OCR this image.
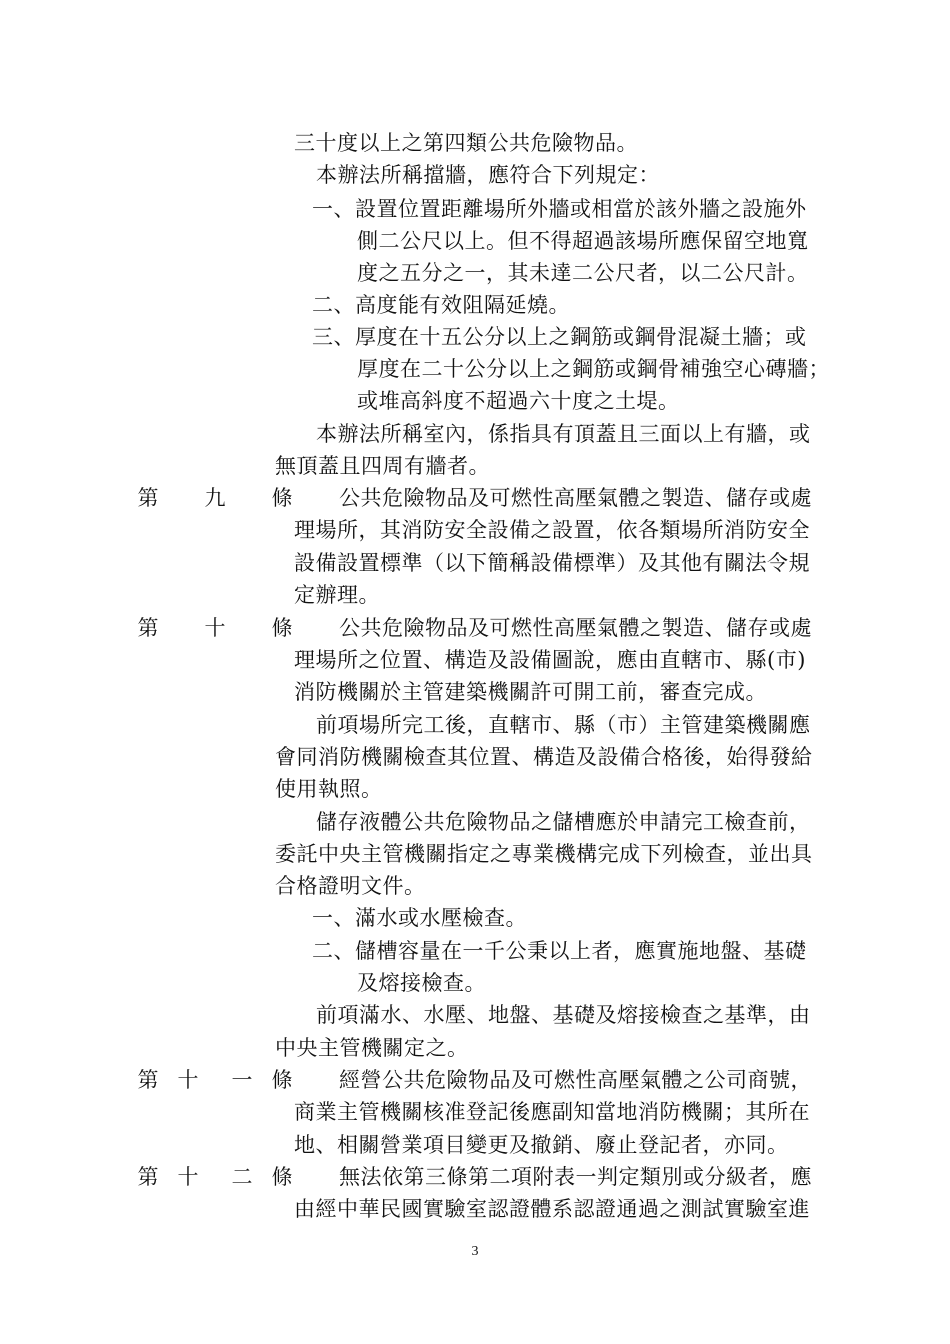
三十度以上之第四類公共危險物品。
本辦法所稱擋牆，應符合下列規定：
一、設置位置距離場所外牆或相當於該外牆之設施外
側二公尺以上。但不得超過該場所應保留空地寬
度之五分之一，其未達二公尺者，以二公尺計。
二、高度能有效阻隔延燒。
三、厚度在十五公分以上之鋼筋或鋼骨混凝土牆；或
厚度在二十公分以上之鋼筋或鋼骨補強空心磚牆；
或堆高斜度不超過六十度之土堤。
本辦法所稱室內，係指具有頂蓋且三面以上有牆，或
無頂蓋且四周有牆者。
第 九 條 公共危險物品及可燃性高壓氣體之製造、儲存或處
理場所，其消防安全設備之設置，依各類場所消防安全
設備設置標準（以下簡稱設備標準）及其他有關法令規
定辦理。
第 十 條 公共危險物品及可燃性高壓氣體之製造、儲存或處
理場所之位置、構造及設備圖說，應由直轄市、縣(市)
消防機關於主管建築機關許可開工前，審查完成。
前項場所完工後，直轄市、縣（市）主管建築機關應
會同消防機關檢查其位置、構造及設備合格後，始得發給
使用執照。
儲存液體公共危險物品之儲槽應於申請完工檢查前，
委託中央主管機關指定之專業機構完成下列檢查，並出具
合格證明文件。
一、滿水或水壓檢查。
二、儲槽容量在一千公秉以上者，應實施地盤、基礎
及熔接檢查。
前項滿水、水壓、地盤、基礎及熔接檢查之基準，由
中央主管機關定之。
第 十 一 條 經營公共危險物品及可燃性高壓氣體之公司商號，
商業主管機關核准登記後應副知當地消防機關；其所在
地、相關營業項目變更及撤銷、廢止登記者，亦同。
第 十 二 條 無法依第三條第二項附表一判定類別或分級者，應
由經中華民國實驗室認證體系認證通過之測試實驗室進
3
